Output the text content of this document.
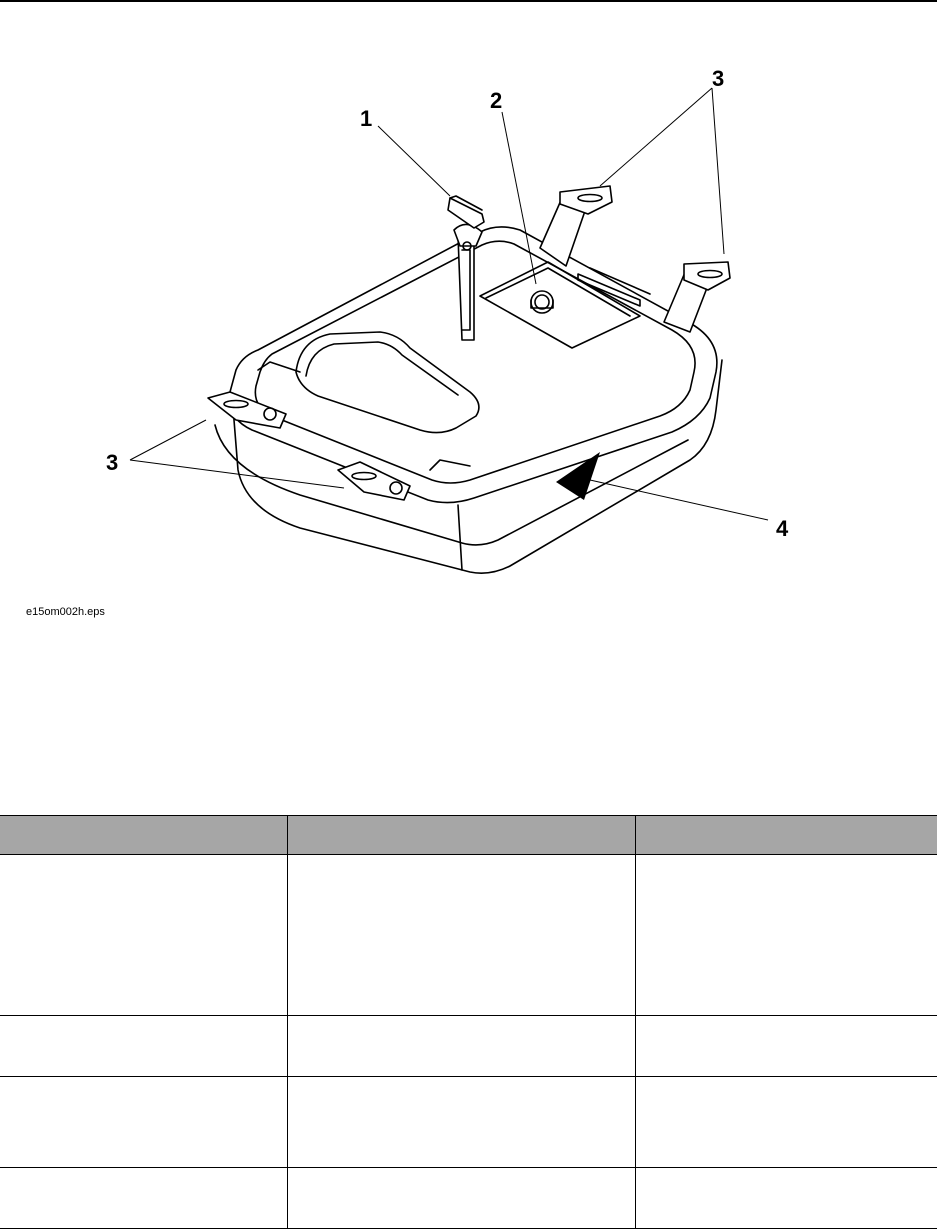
1
2
3
3
4
e15om002h.eps
